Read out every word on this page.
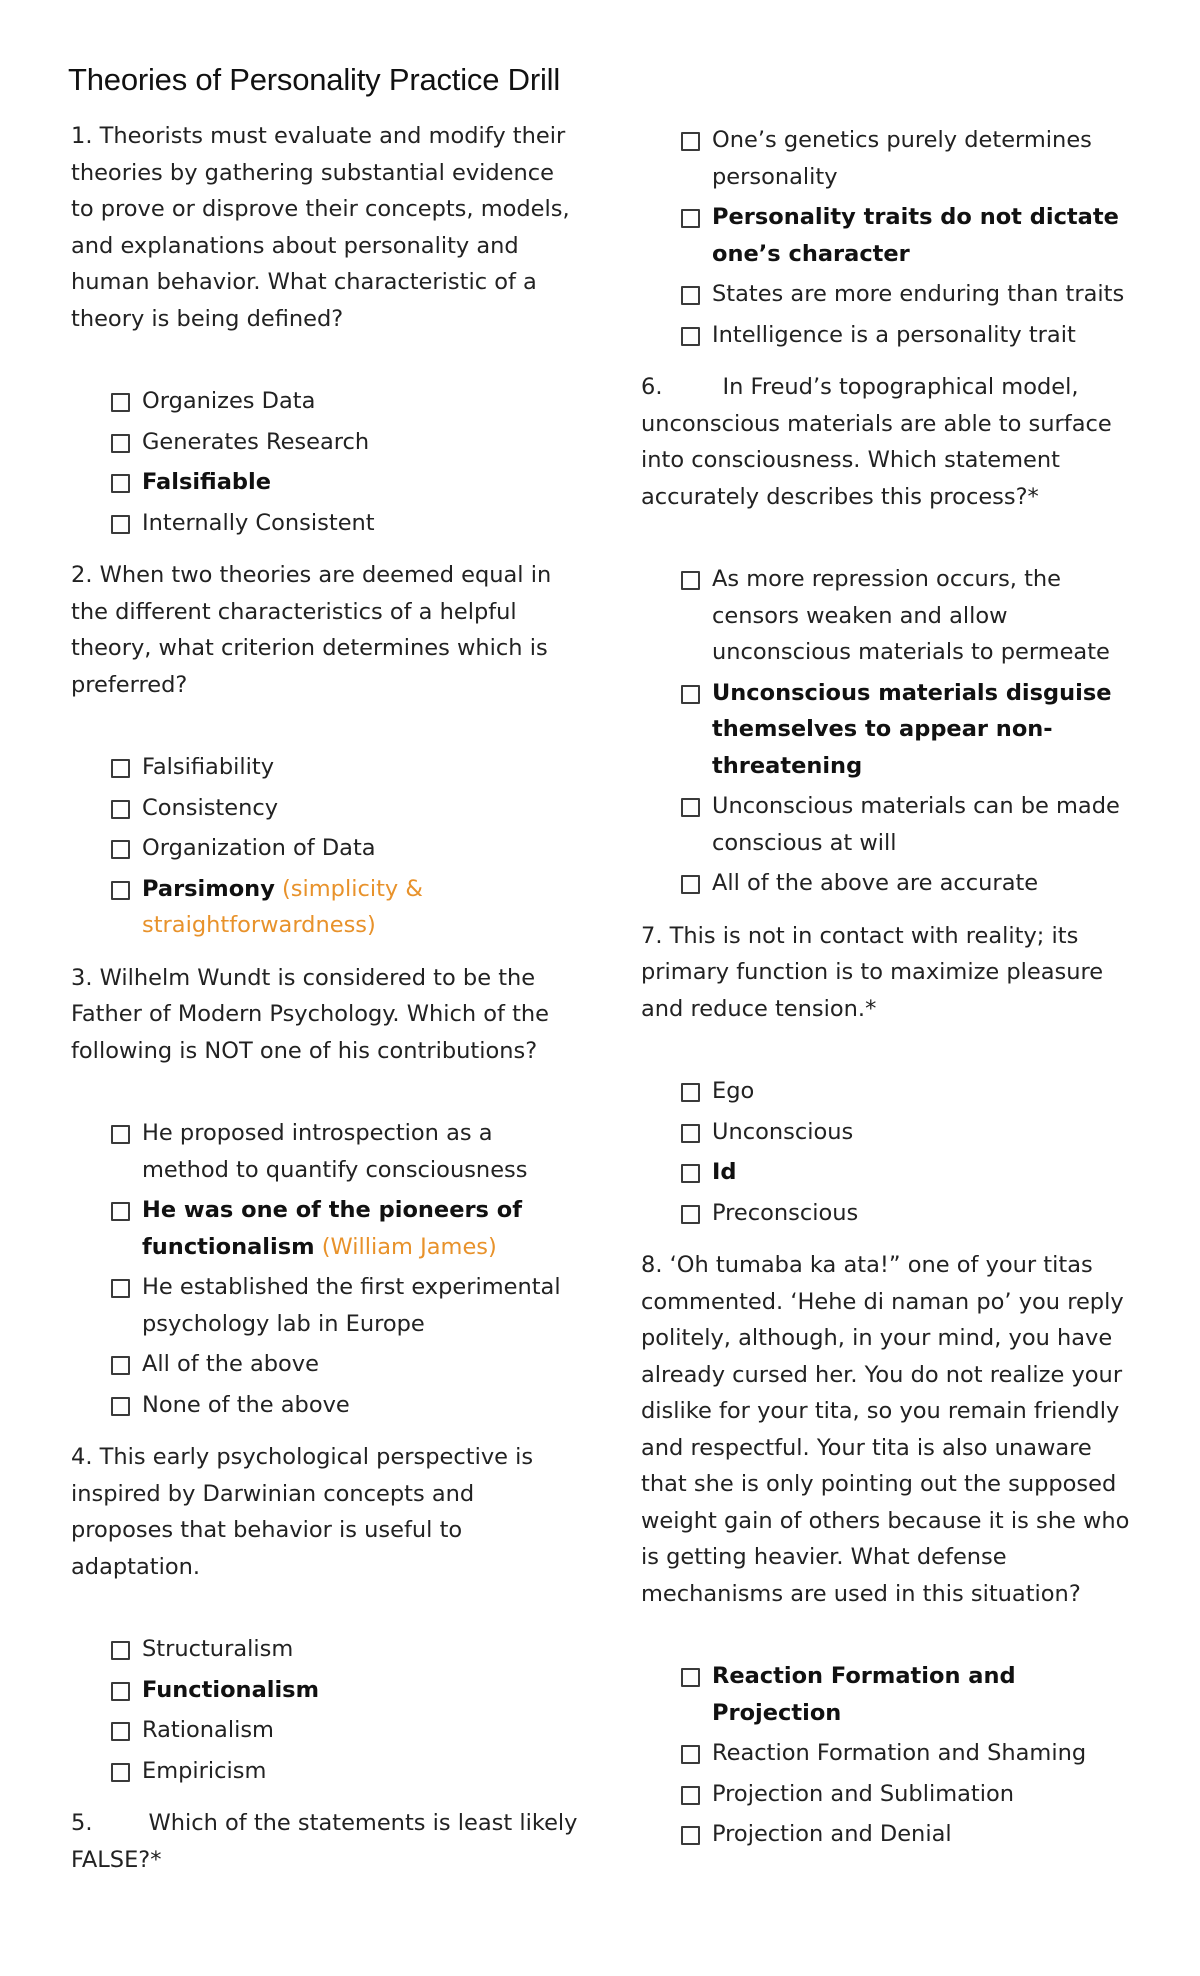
Theories of Personality Practice Drill
1. Theorists must evaluate and modify their theories by gathering substantial evidence to prove or disprove their concepts, models, and explanations about personality and human behavior. What characteristic of a theory is being defined?
Organizes Data
Generates Research
Falsifiable
Internally Consistent
2. When two theories are deemed equal in the different characteristics of a helpful theory, what criterion determines which is preferred?
Falsifiability
Consistency
Organization of Data
Parsimony (simplicity & straightforwardness)
3. Wilhelm Wundt is considered to be the Father of Modern Psychology. Which of the following is NOT one of his contributions?
He proposed introspection as a method to quantify consciousness
He was one of the pioneers of functionalism (William James)
He established the first experimental psychology lab in Europe
All of the above
None of the above
4. This early psychological perspective is inspired by Darwinian concepts and proposes that behavior is useful to adaptation.
Structuralism
Functionalism
Rationalism
Empiricism
5. Which of the statements is least likely FALSE?*
One’s genetics purely determines personality
Personality traits do not dictate one’s character
States are more enduring than traits
Intelligence is a personality trait
6.	In Freud’s topographical model, unconscious materials are able to surface into consciousness. Which statement accurately describes this process?*
As more repression occurs, the censors weaken and allow unconscious materials to permeate
Unconscious materials disguise themselves to appear non-threatening
Unconscious materials can be made conscious at will
All of the above are accurate
7. This is not in contact with reality; its primary function is to maximize pleasure and reduce tension.*
Ego
Unconscious
Id
Preconscious
8. ‘Oh tumaba ka ata!” one of your titas commented. ‘Hehe di naman po’ you reply politely, although, in your mind, you have already cursed her. You do not realize your dislike for your tita, so you remain friendly and respectful. Your tita is also unaware that she is only pointing out the supposed weight gain of others because it is she who is getting heavier. What defense mechanisms are used in this situation?
Reaction Formation and Projection
Reaction Formation and Shaming
Projection and Sublimation
Projection and Denial
